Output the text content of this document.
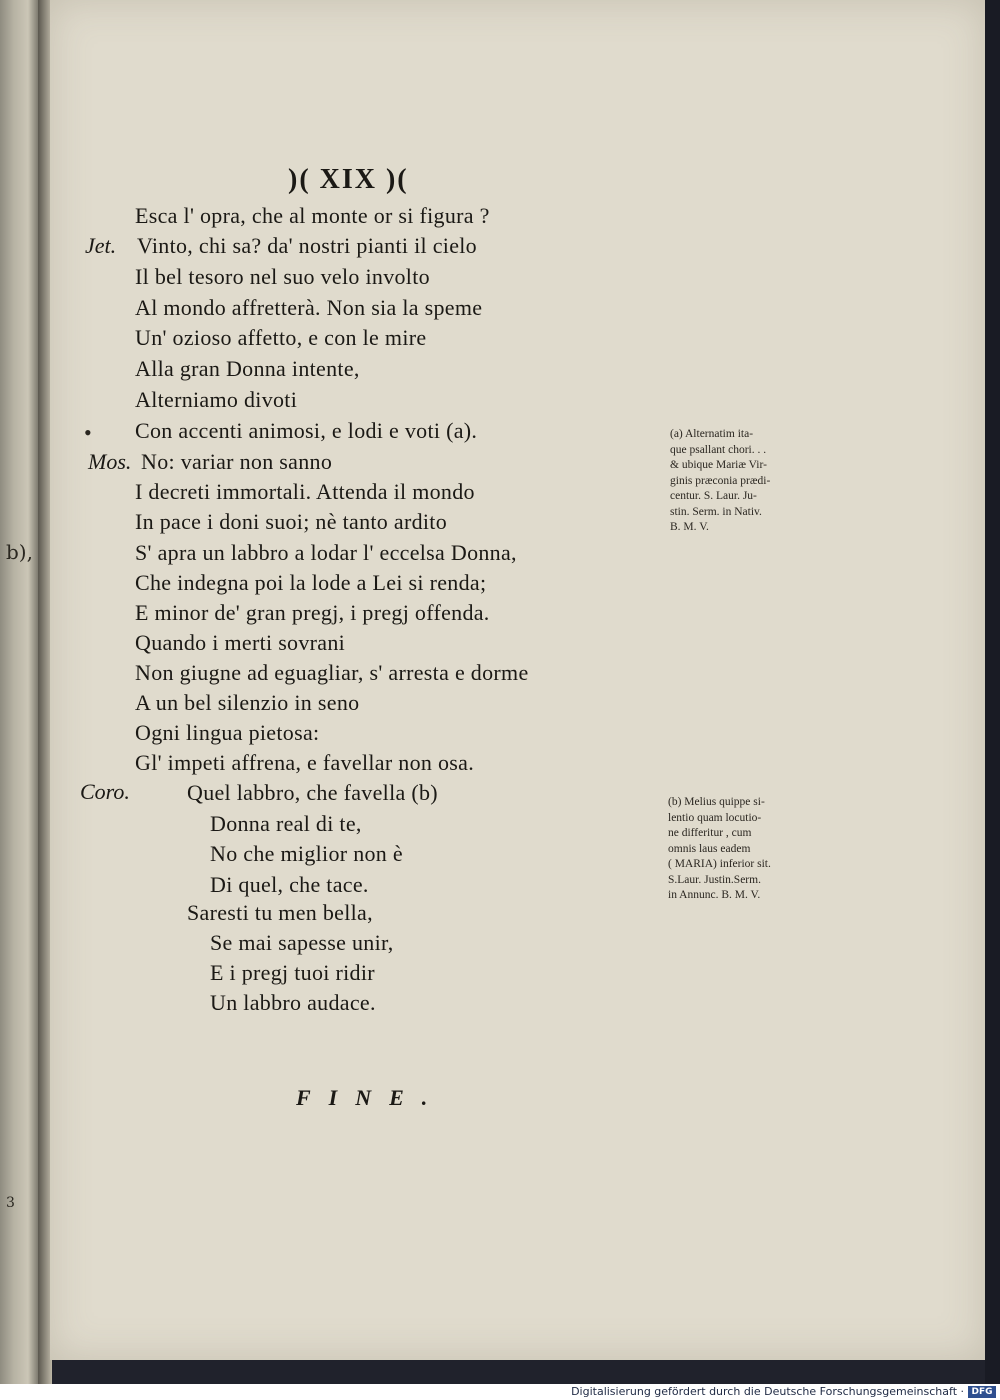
b),
3
)( XIX )(
Jet.
Mos.
Coro.
•
Esca l' opra, che al monte or si figura ?
Vinto, chi sa? da' nostri pianti il cielo
Il bel tesoro nel suo velo involto
Al mondo affretterà. Non sia la speme
Un' ozioso affetto, e con le mire
Alla gran Donna intente,
Alterniamo divoti
Con accenti animosi, e lodi e voti (a).
No: variar non sanno
I decreti immortali. Attenda il mondo
In pace i doni suoi; nè tanto ardito
S' apra un labbro a lodar l' eccelsa Donna,
Che indegna poi la lode a Lei si renda;
E minor de' gran pregj, i pregj offenda.
Quando i merti sovrani
Non giugne ad eguagliar, s' arresta e dorme
A un bel silenzio in seno
Ogni lingua pietosa:
Gl' impeti affrena, e favellar non osa.
Quel labbro, che favella (b)
Donna real di te,
No che miglior non è
Di quel, che tace.
Saresti tu men bella,
Se mai sapesse unir,
E i pregj tuoi ridir
Un labbro audace.
(a) Alternatim ita-
que psallant chori. . .
& ubique Mariæ Vir-
ginis præconia prædi-
centur. S. Laur. Ju-
stin. Serm. in Nativ.
B. M. V.
(b) Melius quippe si-
lentio quam locutio-
ne differitur , cum
omnis laus eadem
( MARIA) inferior sit.
S.Laur. Justin.Serm.
in Annunc. B. M. V.
FINE.
Digitalisierung gefördert durch die Deutsche Forschungsgemeinschaft · DFG
